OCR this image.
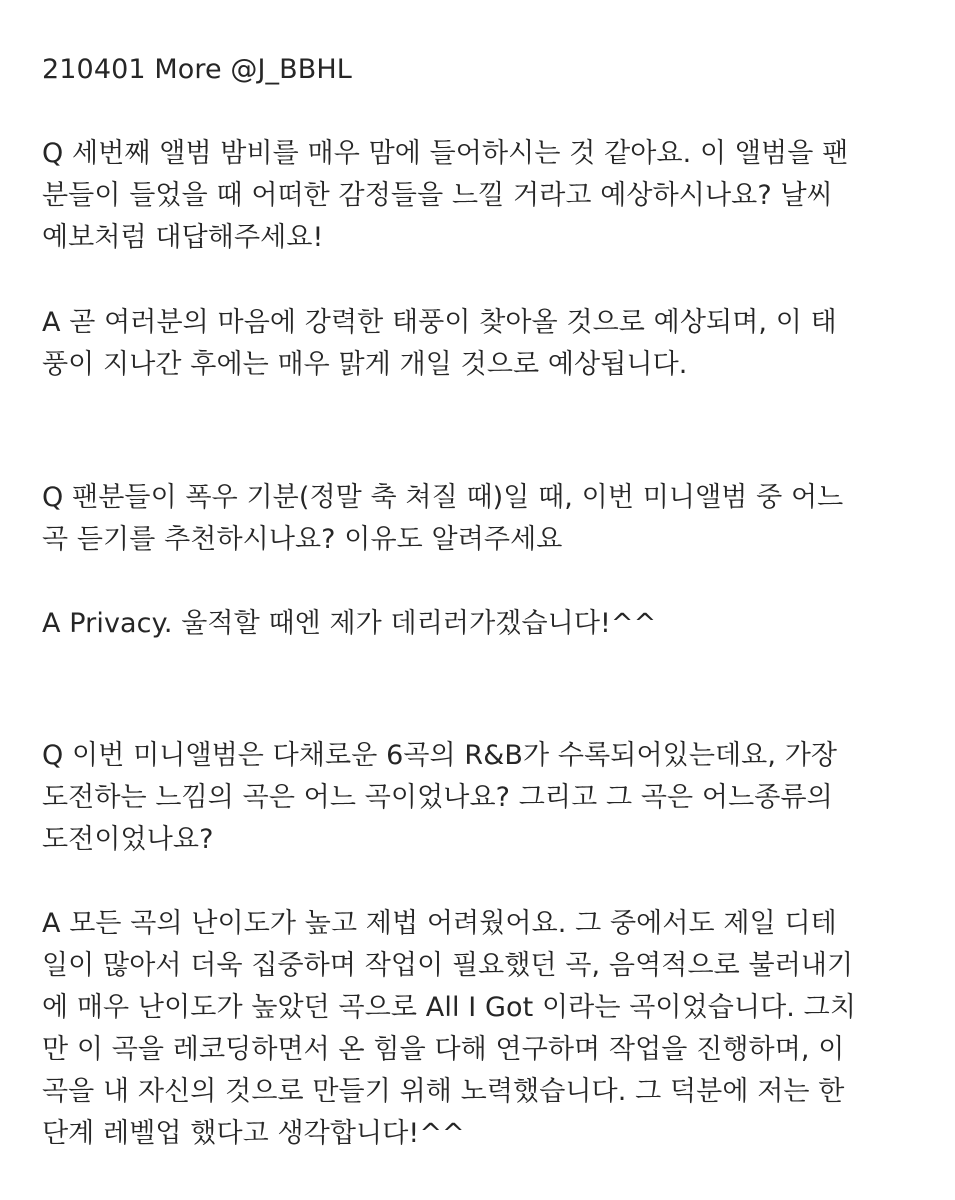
210401 More @J_BBHL
Q 세번째 앨범 밤비를 매우 맘에 들어하시는 것 같아요. 이 앨범을 팬
분들이 들었을 때 어떠한 감정들을 느낄 거라고 예상하시나요? 날씨
예보처럼 대답해주세요!
A 곧 여러분의 마음에 강력한 태풍이 찾아올 것으로 예상되며, 이 태
풍이 지나간 후에는 매우 맑게 개일 것으로 예상됩니다.
Q 팬분들이 폭우 기분(정말 축 쳐질 때)일 때, 이번 미니앨범 중 어느
곡 듣기를 추천하시나요? 이유도 알려주세요
A Privacy. 울적할 때엔 제가 데리러가겠습니다!^^
Q 이번 미니앨범은 다채로운 6곡의 R&B가 수록되어있는데요, 가장
도전하는 느낌의 곡은 어느 곡이었나요? 그리고 그 곡은 어느종류의
도전이었나요?
A 모든 곡의 난이도가 높고 제법 어려웠어요. 그 중에서도 제일 디테
일이 많아서 더욱 집중하며 작업이 필요했던 곡, 음역적으로 불러내기
에 매우 난이도가 높았던 곡으로 All I Got 이라는 곡이었습니다. 그치
만 이 곡을 레코딩하면서 온 힘을 다해 연구하며 작업을 진행하며, 이
곡을 내 자신의 것으로 만들기 위해 노력했습니다. 그 덕분에 저는 한
단계 레벨업 했다고 생각합니다!^^
